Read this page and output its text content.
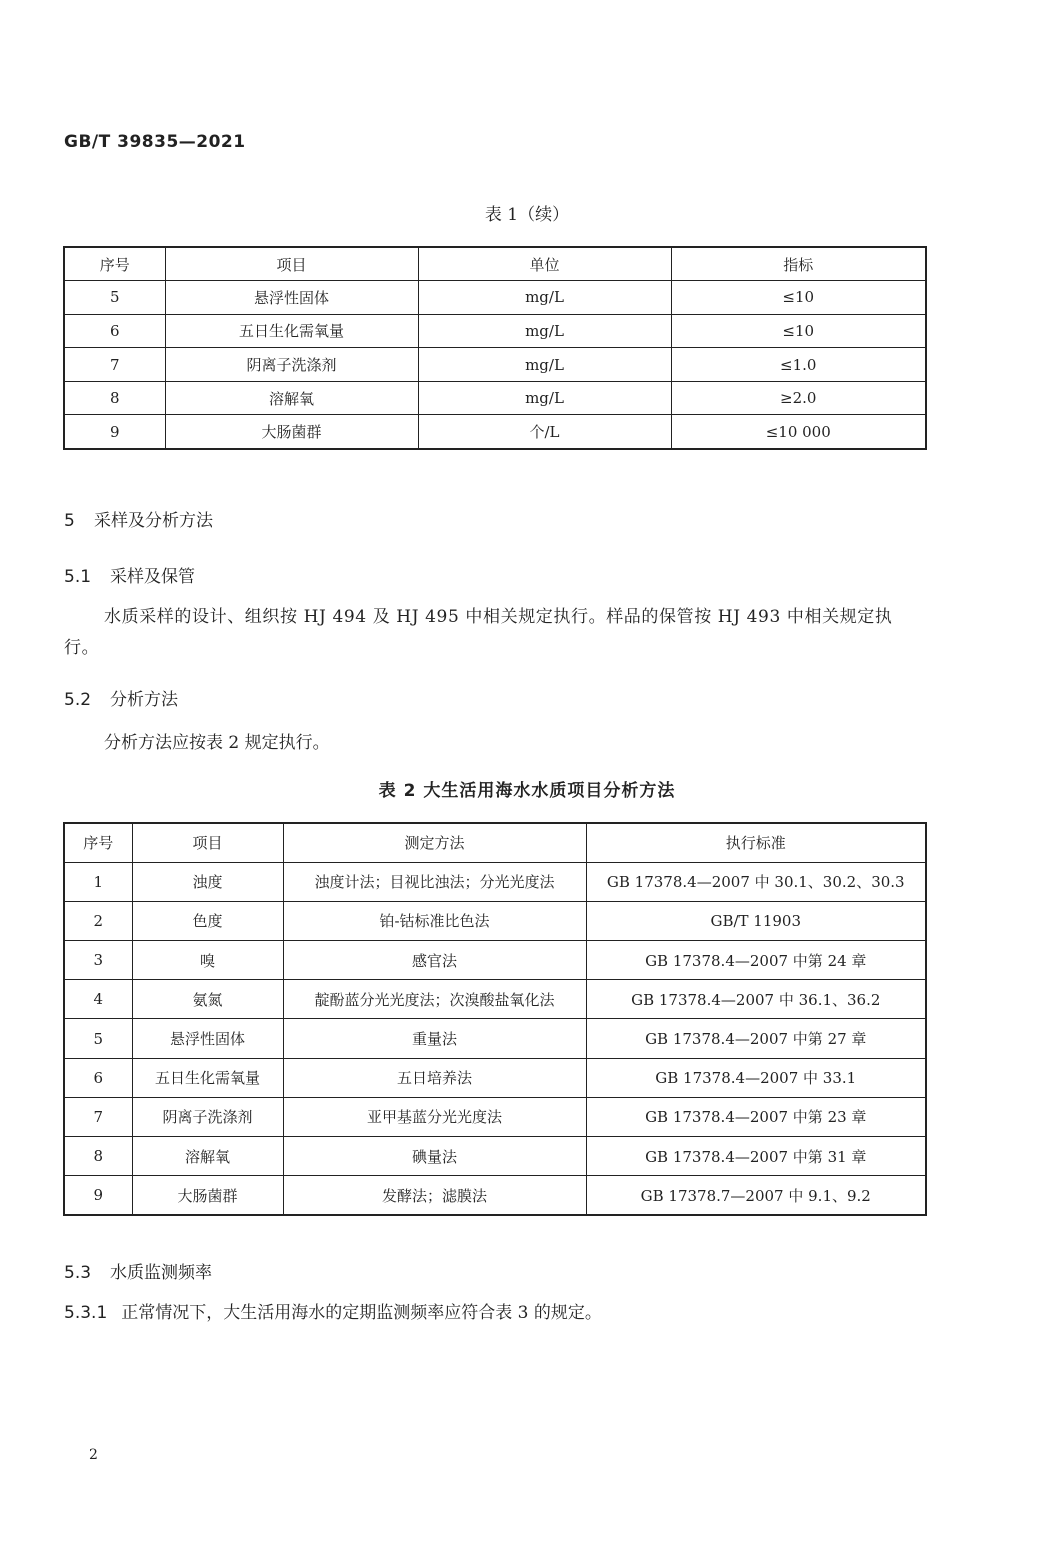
GB/T 39835—2021
表 1（续）
序号	项目	单位	指标
5	悬浮性固体	mg/L	≤10
6	五日生化需氧量	mg/L	≤10
7	阴离子洗涤剂	mg/L	≤1.0
8	溶解氧	mg/L	≥2.0
9	大肠菌群	个/L	≤10 000
5 采样及分析方法
5.1 采样及保管
水质采样的设计、组织按 HJ 494 及 HJ 495 中相关规定执行。样品的保管按 HJ 493 中相关规定执行。
5.2 分析方法
分析方法应按表 2 规定执行。
表 2 大生活用海水水质项目分析方法
序号	项目	测定方法	执行标准
1	浊度	浊度计法；目视比浊法；分光光度法	GB 17378.4—2007 中 30.1、30.2、30.3
2	色度	铂-钴标准比色法	GB/T 11903
3	嗅	感官法	GB 17378.4—2007 中第 24 章
4	氨氮	靛酚蓝分光光度法；次溴酸盐氧化法	GB 17378.4—2007 中 36.1、36.2
5	悬浮性固体	重量法	GB 17378.4—2007 中第 27 章
6	五日生化需氧量	五日培养法	GB 17378.4—2007 中 33.1
7	阴离子洗涤剂	亚甲基蓝分光光度法	GB 17378.4—2007 中第 23 章
8	溶解氧	碘量法	GB 17378.4—2007 中第 31 章
9	大肠菌群	发酵法；滤膜法	GB 17378.7—2007 中 9.1、9.2
5.3 水质监测频率
5.3.1 正常情况下，大生活用海水的定期监测频率应符合表 3 的规定。
2
